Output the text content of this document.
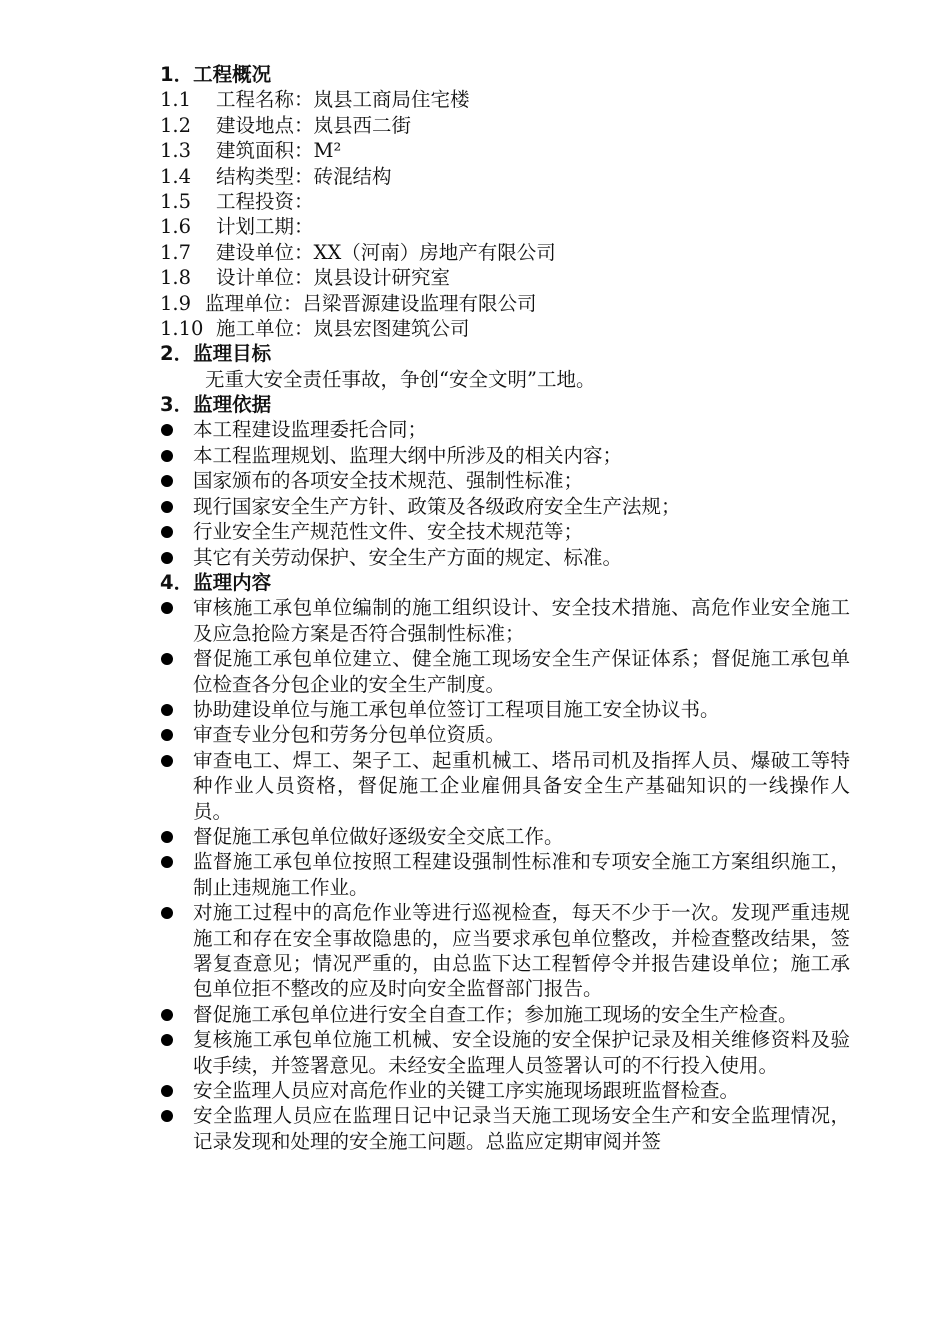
1．工程概况
1.1 工程名称：岚县工商局住宅楼
1.2 建设地点：岚县西二街
1.3 建筑面积：M²
1.4 结构类型：砖混结构
1.5 工程投资：
1.6 计划工期：
1.7 建设单位：XX（河南）房地产有限公司
1.8 设计单位：岚县设计研究室
1.9 监理单位：吕梁晋源建设监理有限公司
1.10 施工单位：岚县宏图建筑公司
2．监理目标
无重大安全责任事故，争创“安全文明”工地。
3．监理依据
本工程建设监理委托合同；
本工程监理规划、监理大纲中所涉及的相关内容；
国家颁布的各项安全技术规范、强制性标准；
现行国家安全生产方针、政策及各级政府安全生产法规；
行业安全生产规范性文件、安全技术规范等；
其它有关劳动保护、安全生产方面的规定、标准。
4．监理内容
审核施工承包单位编制的施工组织设计、安全技术措施、高危作业安全施工及应急抢险方案是否符合强制性标准；
督促施工承包单位建立、健全施工现场安全生产保证体系；督促施工承包单位检查各分包企业的安全生产制度。
协助建设单位与施工承包单位签订工程项目施工安全协议书。
审查专业分包和劳务分包单位资质。
审查电工、焊工、架子工、起重机械工、塔吊司机及指挥人员、爆破工等特种作业人员资格，督促施工企业雇佣具备安全生产基础知识的一线操作人员。
督促施工承包单位做好逐级安全交底工作。
监督施工承包单位按照工程建设强制性标准和专项安全施工方案组织施工，制止违规施工作业。
对施工过程中的高危作业等进行巡视检查，每天不少于一次。发现严重违规施工和存在安全事故隐患的，应当要求承包单位整改，并检查整改结果，签署复查意见；情况严重的，由总监下达工程暂停令并报告建设单位；施工承包单位拒不整改的应及时向安全监督部门报告。
督促施工承包单位进行安全自查工作；参加施工现场的安全生产检查。
复核施工承包单位施工机械、安全设施的安全保护记录及相关维修资料及验收手续，并签署意见。未经安全监理人员签署认可的不行投入使用。
安全监理人员应对高危作业的关键工序实施现场跟班监督检查。
安全监理人员应在监理日记中记录当天施工现场安全生产和安全监理情况，记录发现和处理的安全施工问题。总监应定期审阅并签
